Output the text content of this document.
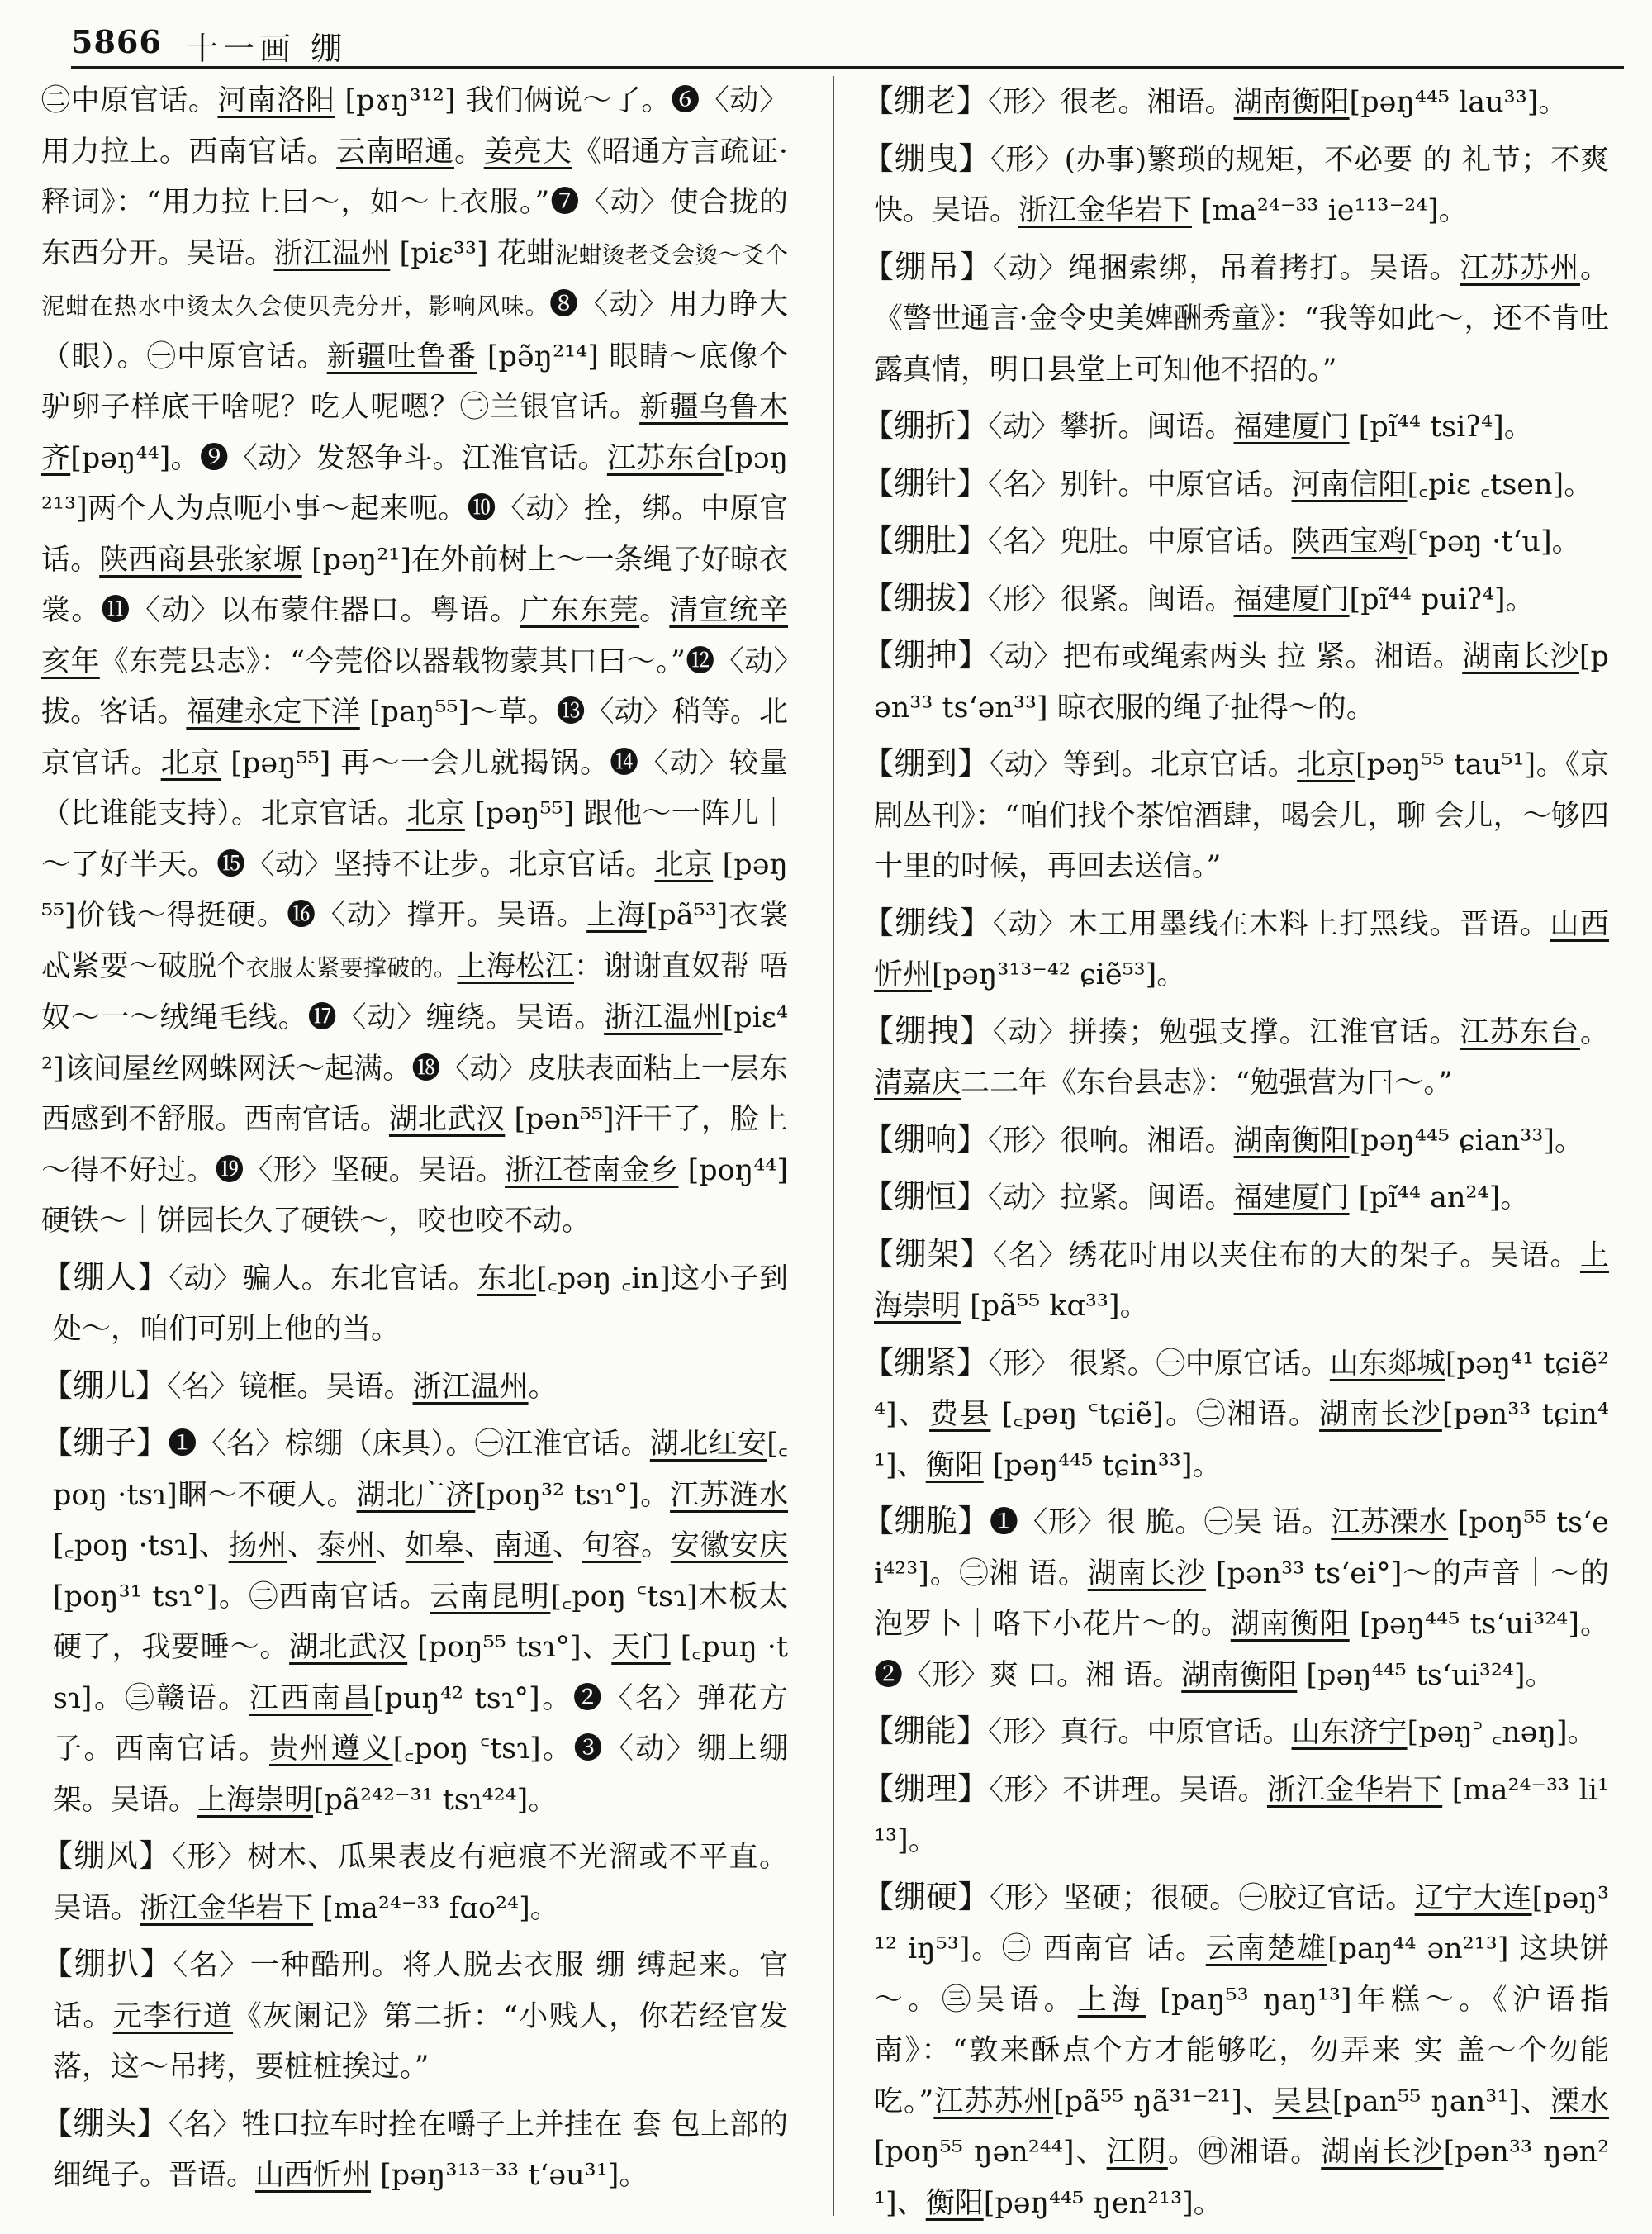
5866 十一画 绷

㊁中原官话。河南洛阳 [pɤŋ³¹²] 我们俩说～了。❻〈动〉用力拉上。西南官话。云南昭通。姜亮夫《昭通方言疏证·释词》：“用力拉上曰～，如～上衣服。”❼〈动〉使合拢的东西分开。吴语。浙江温州 [piɛ³³] 花蚶泥蚶烫老爻会烫～爻个泥蚶在热水中烫太久会使贝壳分开，影响风味。❽〈动〉用力睁大（眼）。㊀中原官话。新疆吐鲁番 [pə̃ŋ²¹⁴] 眼睛～底像个驴卵子样底干啥呢？吃人呢嗯？㊁兰银官话。新疆乌鲁木齐[pəŋ⁴⁴]。❾〈动〉发怒争斗。江淮官话。江苏东台[pɔŋ²¹³]两个人为点呃小事～起来呃。❿〈动〉拴，绑。中原官话。陕西商县张家塬 [pəŋ²¹]在外前树上～一条绳子好晾衣裳。⓫〈动〉以布蒙住器口。粤语。广东东莞。清宣统辛亥年《东莞县志》：“今莞俗以器载物蒙其口曰～。”⓬〈动〉拔。客话。福建永定下洋 [paŋ⁵⁵]～草。⓭〈动〉稍等。北京官话。北京 [pəŋ⁵⁵] 再～一会儿就揭锅。⓮〈动〉较量（比谁能支持）。北京官话。北京 [pəŋ⁵⁵] 跟他～一阵儿｜～了好半天。⓯〈动〉坚持不让步。北京官话。北京 [pəŋ⁵⁵]价钱～得挺硬。⓰〈动〉撑开。吴语。上海[pã⁵³]衣裳忒紧要～破脱个衣服太紧要撑破的。上海松江：谢谢直奴帮 唔奴～一～绒绳毛线。⓱〈动〉缠绕。吴语。浙江温州[piɛ⁴²]该间屋丝网蛛网沃～起满。⓲〈动〉皮肤表面粘上一层东西感到不舒服。西南官话。湖北武汉 [pən⁵⁵]汗干了，脸上～得不好过。⓳〈形〉坚硬。吴语。浙江苍南金乡 [poŋ⁴⁴]硬铁～｜饼园长久了硬铁～，咬也咬不动。

【绷人】〈动〉骗人。东北官话。东北[꜀pəŋ ꜀in]这小子到处～，咱们可别上他的当。

【绷儿】〈名〉镜框。吴语。浙江温州。

【绷子】❶〈名〉棕绷（床具）。㊀江淮官话。湖北红安[꜀poŋ ·tsɿ]睏～不硬人。湖北广济[poŋ³² tsɿ°]。江苏涟水 [꜀poŋ ·tsɿ]、扬州、泰州、如皋、南通、句容。安徽安庆[poŋ³¹ tsɿ°]。㊁西南官话。云南昆明[꜀poŋ ꜂tsɿ]木板太硬了，我要睡～。湖北武汉 [poŋ⁵⁵ tsɿ°]、天门 [꜀puŋ ·tsɿ]。㊂赣语。江西南昌[puŋ⁴² tsɿ°]。❷〈名〉弹花方子。西南官话。贵州遵义[꜀poŋ ꜂tsɿ]。❸〈动〉绷上绷架。吴语。上海崇明[pã²⁴²⁻³¹ tsɿ⁴²⁴]。

【绷风】〈形〉树木、瓜果表皮有疤痕不光溜或不平直。吴语。浙江金华岩下 [ma²⁴⁻³³ fɑo²⁴]。

【绷扒】〈名〉一种酷刑。将人脱去衣服 绷 缚起来。官话。元李行道《灰阑记》第二折：“小贱人，你若经官发落，这～吊拷，要桩桩挨过。”

【绷头】〈名〉牲口拉车时拴在嚼子上并挂在 套 包上部的细绳子。晋语。山西忻州 [pəŋ³¹³⁻³³ t‘əu³¹]。

【绷老】〈形〉很老。湘语。湖南衡阳[pəŋ⁴⁴⁵ lau³³]。

【绷曳】〈形〉(办事)繁琐的规矩，不必要 的 礼节；不爽快。吴语。浙江金华岩下 [ma²⁴⁻³³ ie¹¹³⁻²⁴]。

【绷吊】〈动〉绳捆索绑，吊着拷打。吴语。江苏苏州。《警世通言·金令史美婢酬秀童》：“我等如此～，还不肯吐露真情，明日县堂上可知他不招的。”

【绷折】〈动〉攀折。闽语。福建厦门 [pĩ⁴⁴ tsiʔ⁴]。

【绷针】〈名〉别针。中原官话。河南信阳[꜀piɛ ꜀tsen]。

【绷肚】〈名〉兜肚。中原官话。陕西宝鸡[꜂pəŋ ·t‘u]。

【绷拔】〈形〉很紧。闽语。福建厦门[pĩ⁴⁴ puiʔ⁴]。

【绷抻】〈动〉把布或绳索两头 拉 紧。湘语。湖南长沙[pən³³ ts‘ən³³] 晾衣服的绳子扯得～的。

【绷到】〈动〉等到。北京官话。北京[pəŋ⁵⁵ tau⁵¹]。《京剧丛刊》：“咱们找个茶馆酒肆，喝会儿，聊 会儿，～够四十里的时候，再回去送信。”

【绷线】〈动〉木工用墨线在木料上打黑线。晋语。山西忻州[pəŋ³¹³⁻⁴² ɕiẽ⁵³]。

【绷拽】〈动〉拼揍；勉强支撑。江淮官话。江苏东台。清嘉庆二二年《东台县志》：“勉强营为曰～。”

【绷响】〈形〉很响。湘语。湖南衡阳[pəŋ⁴⁴⁵ ɕian³³]。

【绷恒】〈动〉拉紧。闽语。福建厦门 [pĩ⁴⁴ an²⁴]。

【绷架】〈名〉绣花时用以夹住布的大的架子。吴语。上海崇明 [pã⁵⁵ kɑ³³]。

【绷紧】〈形〉 很紧。㊀中原官话。山东郯城[pəŋ⁴¹ tɕiẽ²⁴]、费县 [꜀pəŋ ꜂tɕiẽ]。㊁湘语。湖南长沙[pən³³ tɕin⁴¹]、衡阳 [pəŋ⁴⁴⁵ tɕin³³]。

【绷脆】❶〈形〉很 脆。㊀吴 语。江苏溧水 [poŋ⁵⁵ ts‘ei⁴²³]。㊁湘 语。湖南长沙 [pən³³ ts‘ei°]～的声音｜～的泡罗卜｜咯下小花片～的。湖南衡阳 [pəŋ⁴⁴⁵ ts‘ui³²⁴]。❷〈形〉爽 口。湘 语。湖南衡阳 [pəŋ⁴⁴⁵ ts‘ui³²⁴]。

【绷能】〈形〉真行。中原官话。山东济宁[pəŋ꜄ ꜀nəŋ]。

【绷理】〈形〉不讲理。吴语。浙江金华岩下 [ma²⁴⁻³³ li¹¹³]。

【绷硬】〈形〉坚硬；很硬。㊀胶辽官话。辽宁大连[pəŋ³¹² iŋ⁵³]。㊁ 西南官 话。云南楚雄[paŋ⁴⁴ ən²¹³] 这块饼～。㊂吴语。上海 [paŋ⁵³ ŋaŋ¹³]年糕～。《沪语指南》：“敦来酥点个方才能够吃，勿弄来 实 盖～个勿能吃。”江苏苏州[pã⁵⁵ ŋã³¹⁻²¹]、吴县[pan⁵⁵ ŋan³¹]、溧水[poŋ⁵⁵ ŋən²⁴⁴]、江阴。㊃湘语。湖南长沙[pən³³ ŋən²¹]、衡阳[pəŋ⁴⁴⁵ ŋen²¹³]。
